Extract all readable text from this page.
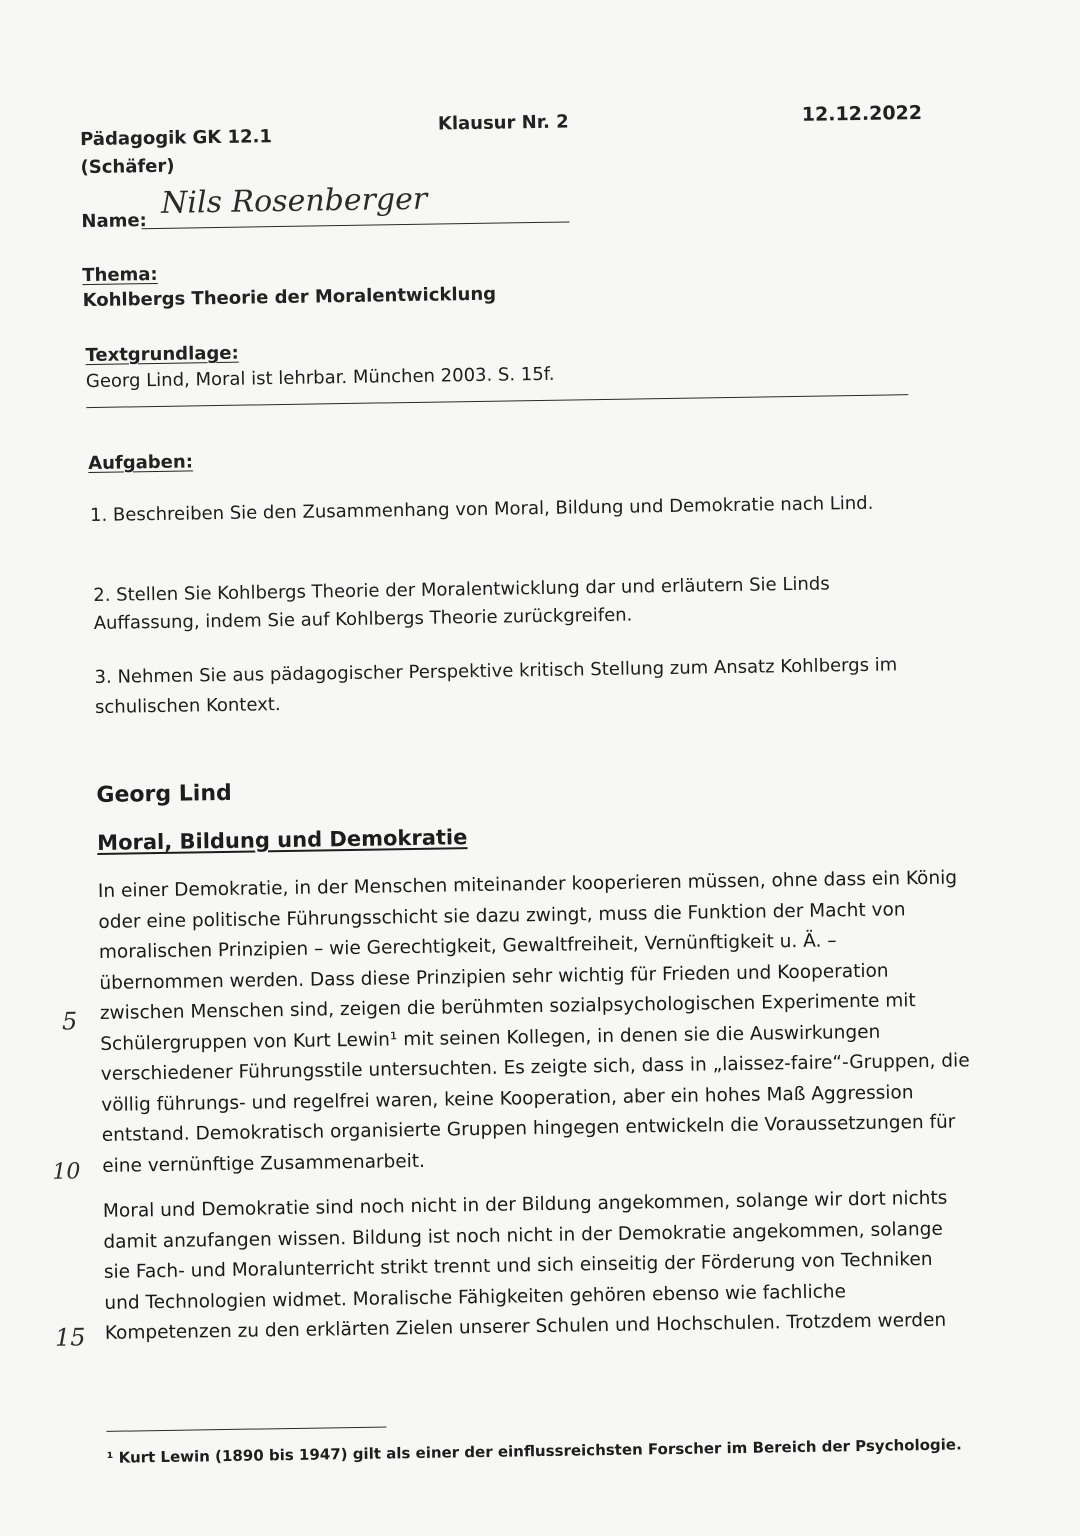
Pädagogik GK 12.1
(Schäfer)
Klausur Nr. 2	12.12.2022
Name:
Nils Rosenberger
Thema:
Kohlbergs Theorie der Moralentwicklung
Textgrundlage:
Georg Lind, Moral ist lehrbar. München 2003. S. 15f.
Aufgaben:
1. Beschreiben Sie den Zusammenhang von Moral, Bildung und Demokratie nach Lind.
2. Stellen Sie Kohlbergs Theorie der Moralentwicklung dar und erläutern Sie Linds
Auffassung, indem Sie auf Kohlbergs Theorie zurückgreifen.
3. Nehmen Sie aus pädagogischer Perspektive kritisch Stellung zum Ansatz Kohlbergs im
schulischen Kontext.
Georg Lind
Moral, Bildung und Demokratie
In einer Demokratie, in der Menschen miteinander kooperieren müssen, ohne dass ein König
oder eine politische Führungsschicht sie dazu zwingt, muss die Funktion der Macht von
moralischen Prinzipien – wie Gerechtigkeit, Gewaltfreiheit, Vernünftigkeit u. Ä. –
übernommen werden. Dass diese Prinzipien sehr wichtig für Frieden und Kooperation
zwischen Menschen sind, zeigen die berühmten sozialpsychologischen Experimente mit
Schülergruppen von Kurt Lewin¹ mit seinen Kollegen, in denen sie die Auswirkungen
verschiedener Führungsstile untersuchten. Es zeigte sich, dass in „laissez-faire“-Gruppen, die
völlig führungs- und regelfrei waren, keine Kooperation, aber ein hohes Maß Aggression
entstand. Demokratisch organisierte Gruppen hingegen entwickeln die Voraussetzungen für
eine vernünftige Zusammenarbeit.
Moral und Demokratie sind noch nicht in der Bildung angekommen, solange wir dort nichts
damit anzufangen wissen. Bildung ist noch nicht in der Demokratie angekommen, solange
sie Fach- und Moralunterricht strikt trennt und sich einseitig der Förderung von Techniken
und Technologien widmet. Moralische Fähigkeiten gehören ebenso wie fachliche
Kompetenzen zu den erklärten Zielen unserer Schulen und Hochschulen. Trotzdem werden
5
10
15
¹ Kurt Lewin (1890 bis 1947) gilt als einer der einflussreichsten Forscher im Bereich der Psychologie.
